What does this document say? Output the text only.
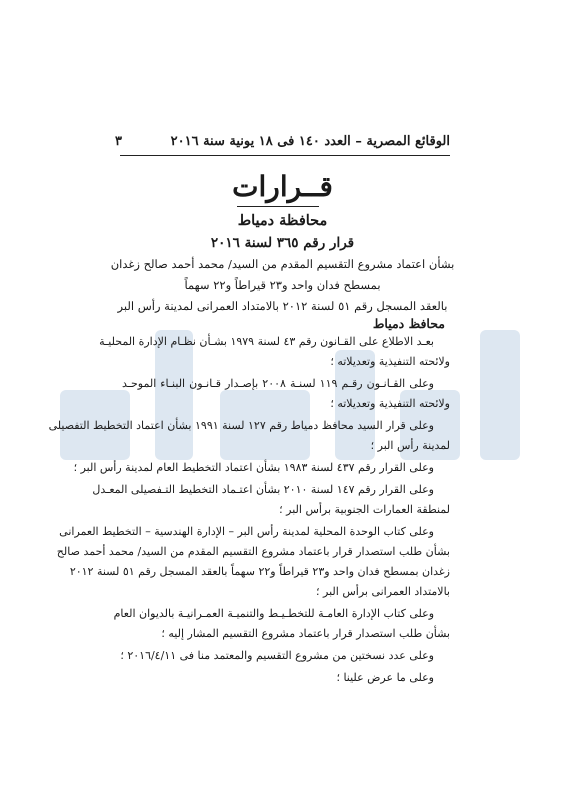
الوقائع المصرية – العدد ١٤٠ فى ١٨ يونية سنة ٢٠١٦
٣
قــرارات
محافظة دمياط
قرار رقم ٣٦٥ لسنة ٢٠١٦
بشأن اعتماد مشروع التقسيم المقدم من السيد/ محمد أحمد صالح زغدان
بمسطح فدان واحد و٢٣ قيراطاً و٢٢ سهماً
بالعقد المسجل رقم ٥١ لسنة ٢٠١٢ بالامتداد العمرانى لمدينة رأس البر
محافظ دمياط
بعـد الاطلاع على القـانون رقم ٤٣ لسنة ١٩٧٩ بشـأن نظـام الإدارة المحليـة
ولائحته التنفيذية وتعديلاته ؛
وعلى القـانـون رقـم ١١٩ لسنـة ٢٠٠٨ بإصـدار قـانـون البنـاء الموحـد
ولائحته التنفيذية وتعديلاته ؛
وعلى قرار السيد محافظ دمياط رقم ١٢٧ لسنة ١٩٩١ بشأن اعتماد التخطيط التفصيلى
لمدينة رأس البر ؛
وعلى القرار رقم ٤٣٧ لسنة ١٩٨٣ بشأن اعتماد التخطيط العام لمدينة رأس البر ؛
وعلى القرار رقم ١٤٧ لسنة ٢٠١٠ بشأن اعتـماد التخطيط التـفصيلى المعـدل
لمنطقة العمارات الجنوبية برأس البر ؛
وعلى كتاب الوحدة المحلية لمدينة رأس البر – الإدارة الهندسية – التخطيط العمرانى
بشأن طلب استصدار قرار باعتماد مشروع التقسيم المقدم من السيد/ محمد أحمد صالح
زغدان بمسطح فدان واحد و٢٣ قيراطاً و٢٢ سهماً بالعقد المسجل رقم ٥١ لسنة ٢٠١٢
بالامتداد العمرانى برأس البر ؛
وعلى كتاب الإدارة العامـة للتخطـيـط والتنميـة العمـرانيـة بالديوان العام
بشأن طلب استصدار قرار باعتماد مشروع التقسيم المشار إليه ؛
وعلى عدد نسختين من مشروع التقسيم والمعتمد منا فى ٢٠١٦/٤/١١ ؛
وعلى ما عرض علينا ؛
